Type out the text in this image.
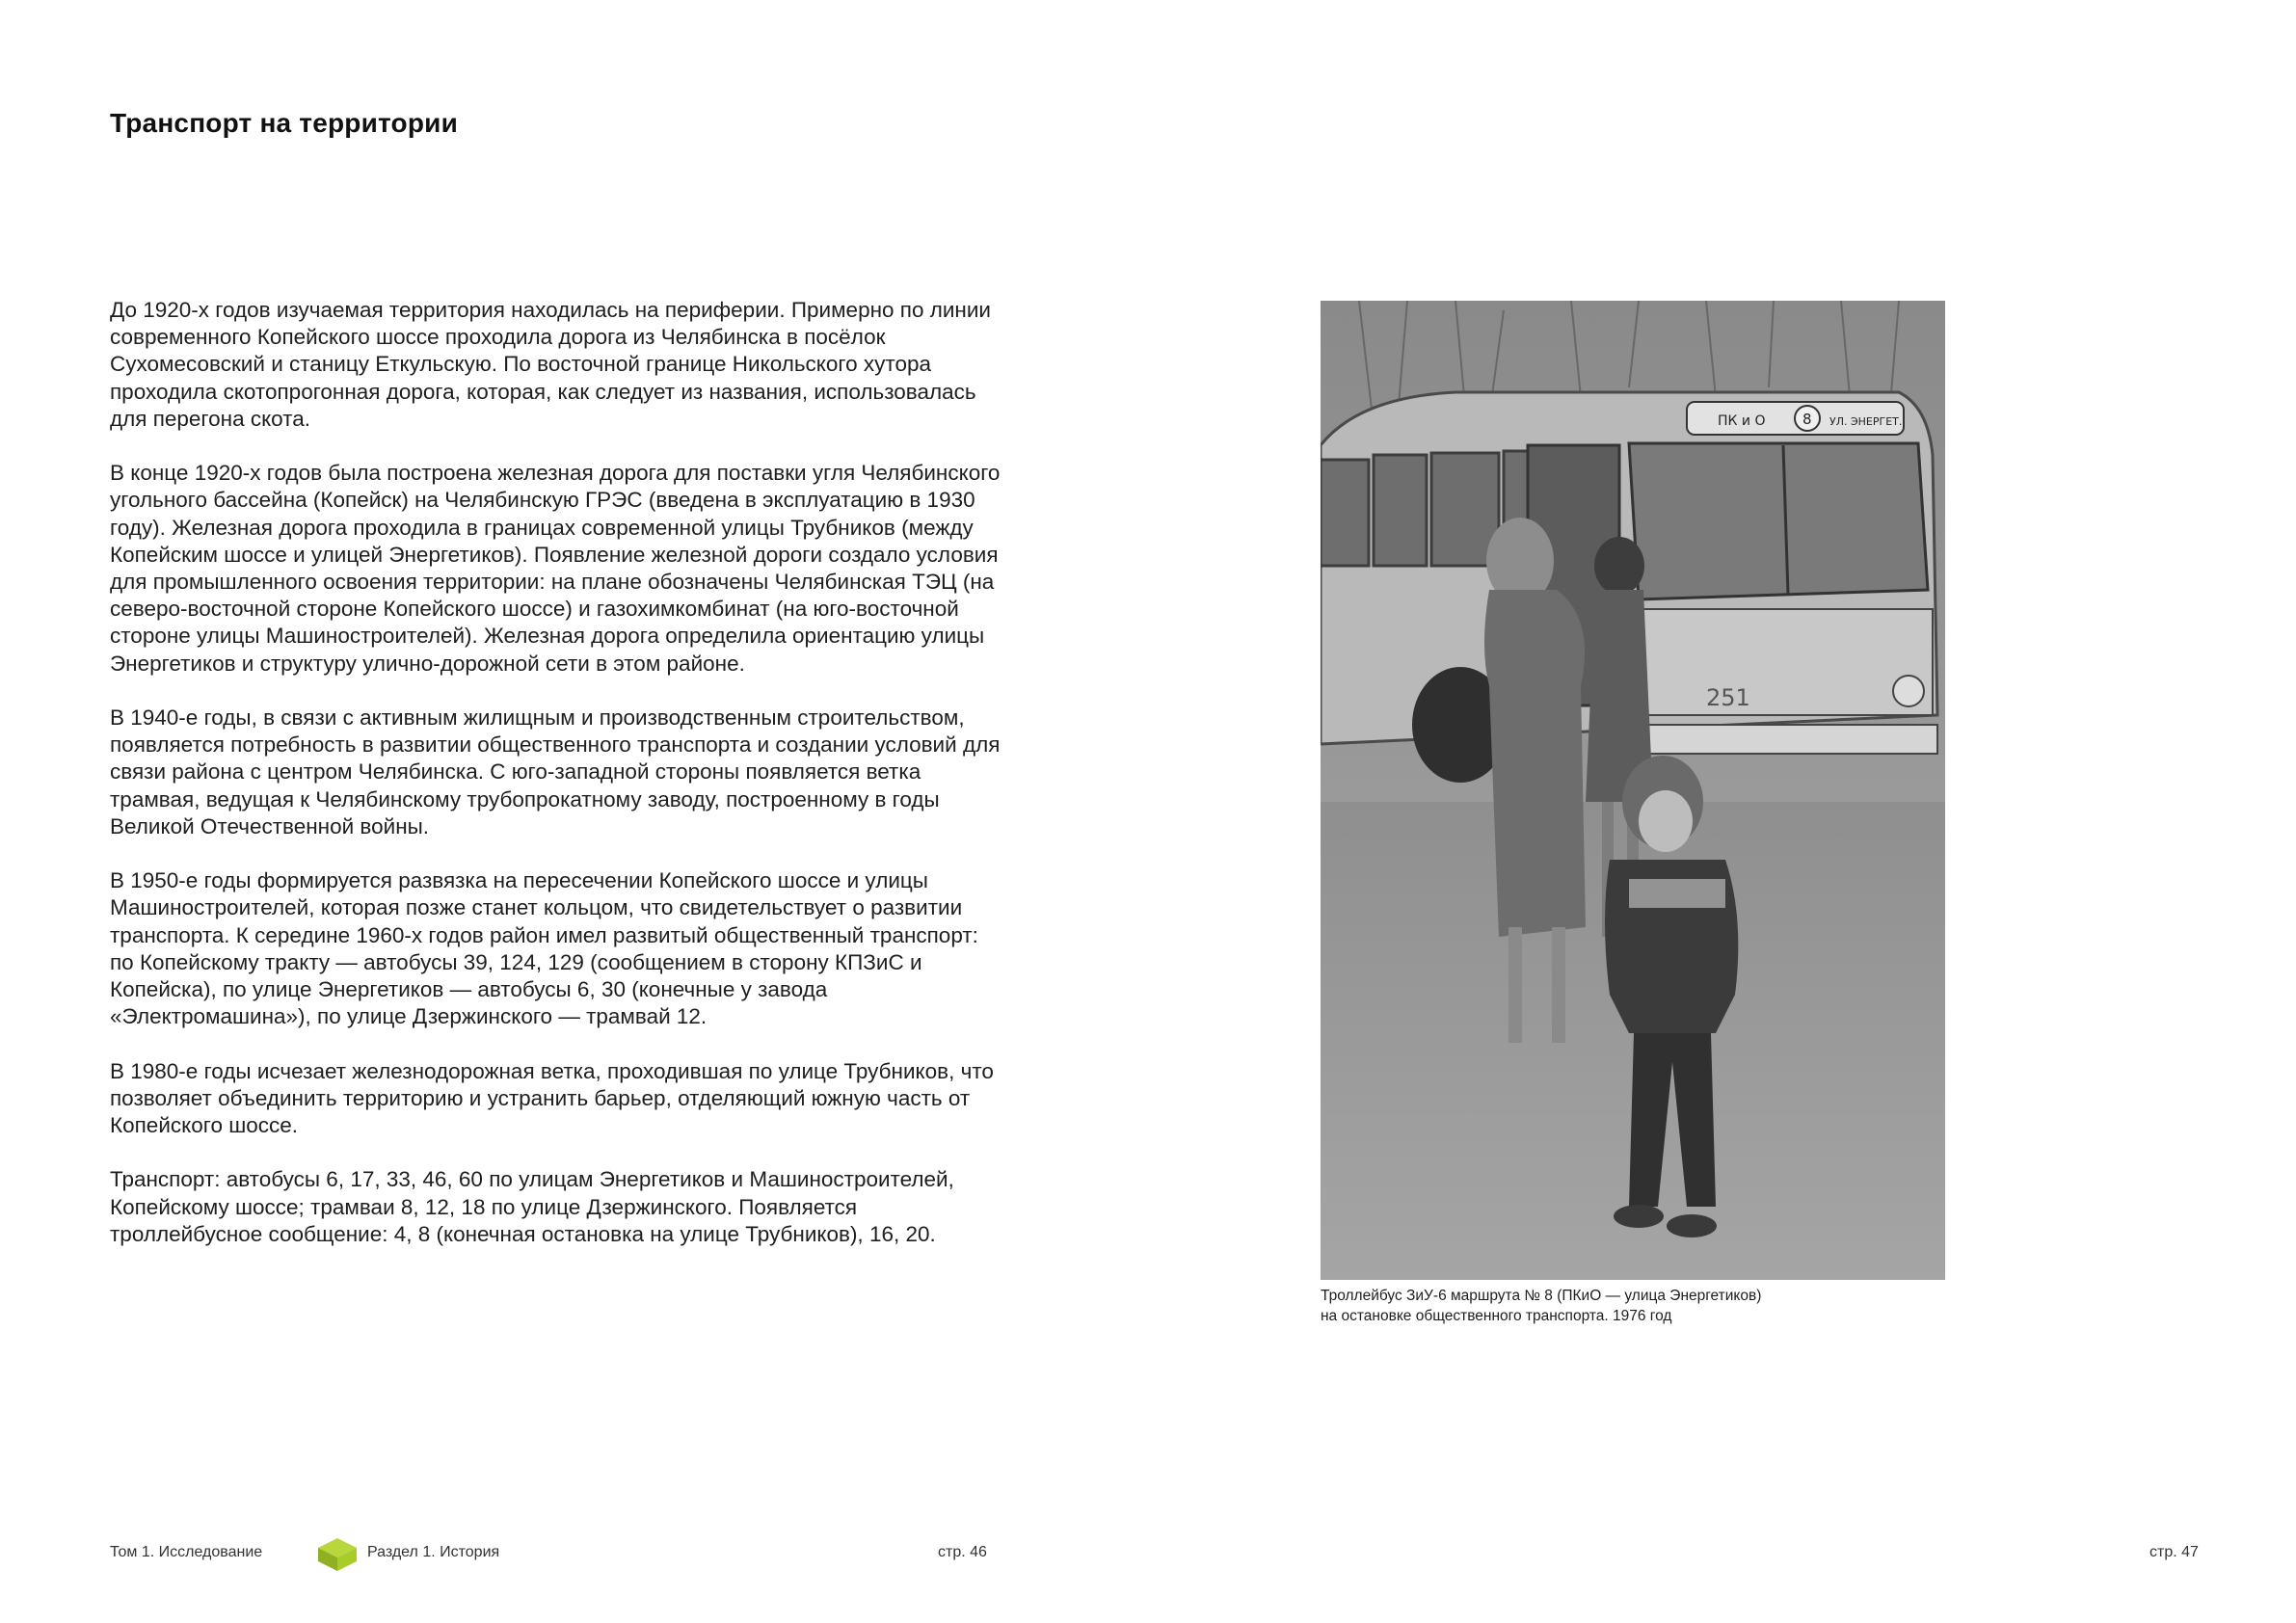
Транспорт на территории

До 1920-х годов изучаемая территория находилась на периферии. Примерно по линии современного Копейского шоссе проходила дорога из Челябинска в посёлок Сухомесовский и станицу Еткульскую. По восточной границе Никольского хутора проходила скотопрогонная дорога, которая, как следует из названия, использовалась для перегона скота.

В конце 1920-х годов была построена железная дорога для поставки угля Челябинского угольного бассейна (Копейск) на Челябинскую ГРЭС (введена в эксплуатацию в 1930 году). Железная дорога проходила в границах современной улицы Трубников (между Копейским шоссе и улицей Энергетиков). Появление железной дороги создало условия для промышленного освоения территории: на плане обозначены Челябинская ТЭЦ (на северо-восточной стороне Копейского шоссе) и газохимкомбинат (на юго-восточной стороне улицы Машиностроителей). Железная дорога определила ориентацию улицы Энергетиков и структуру улично-дорожной сети в этом районе.

В 1940-е годы, в связи с активным жилищным и производственным строительством, появляется потребность в развитии общественного транспорта и создании условий для связи района с центром Челябинска. С юго-западной стороны появляется ветка трамвая, ведущая к Челябинскому трубопрокатному заводу, построенному в годы Великой Отечественной войны.

В 1950-е годы формируется развязка на пересечении Копейского шоссе и улицы Машиностроителей, которая позже станет кольцом, что свидетельствует о развитии транспорта. К середине 1960-х годов район имел развитый общественный транспорт: по Копейскому тракту — автобусы 39, 124, 129 (сообщением в сторону КПЗиС и Копейска), по улице Энергетиков — автобусы 6, 30 (конечные у завода «Электромашина»), по улице Дзержинского — трамвай 12.

В 1980-е годы исчезает железнодорожная ветка, проходившая по улице Трубников, что позволяет объединить территорию и устранить барьер, отделяющий южную часть от Копейского шоссе.

Транспорт: автобусы 6, 17, 33, 46, 60 по улицам Энергетиков и Машиностроителей, Копейскому шоссе; трамваи 8, 12, 18 по улице Дзержинского. Появляется троллейбусное сообщение: 4, 8 (конечная остановка на улице Трубников), 16, 20.

ПК и О	8 УЛ. ЭНЕРГЕТ.
251
Троллейбус ЗиУ-6 маршрута № 8 (ПКиО — улица Энергетиков)
на остановке общественного транспорта. 1976 год
Том 1. Исследование	Раздел 1. История	стр. 46	стр. 47
